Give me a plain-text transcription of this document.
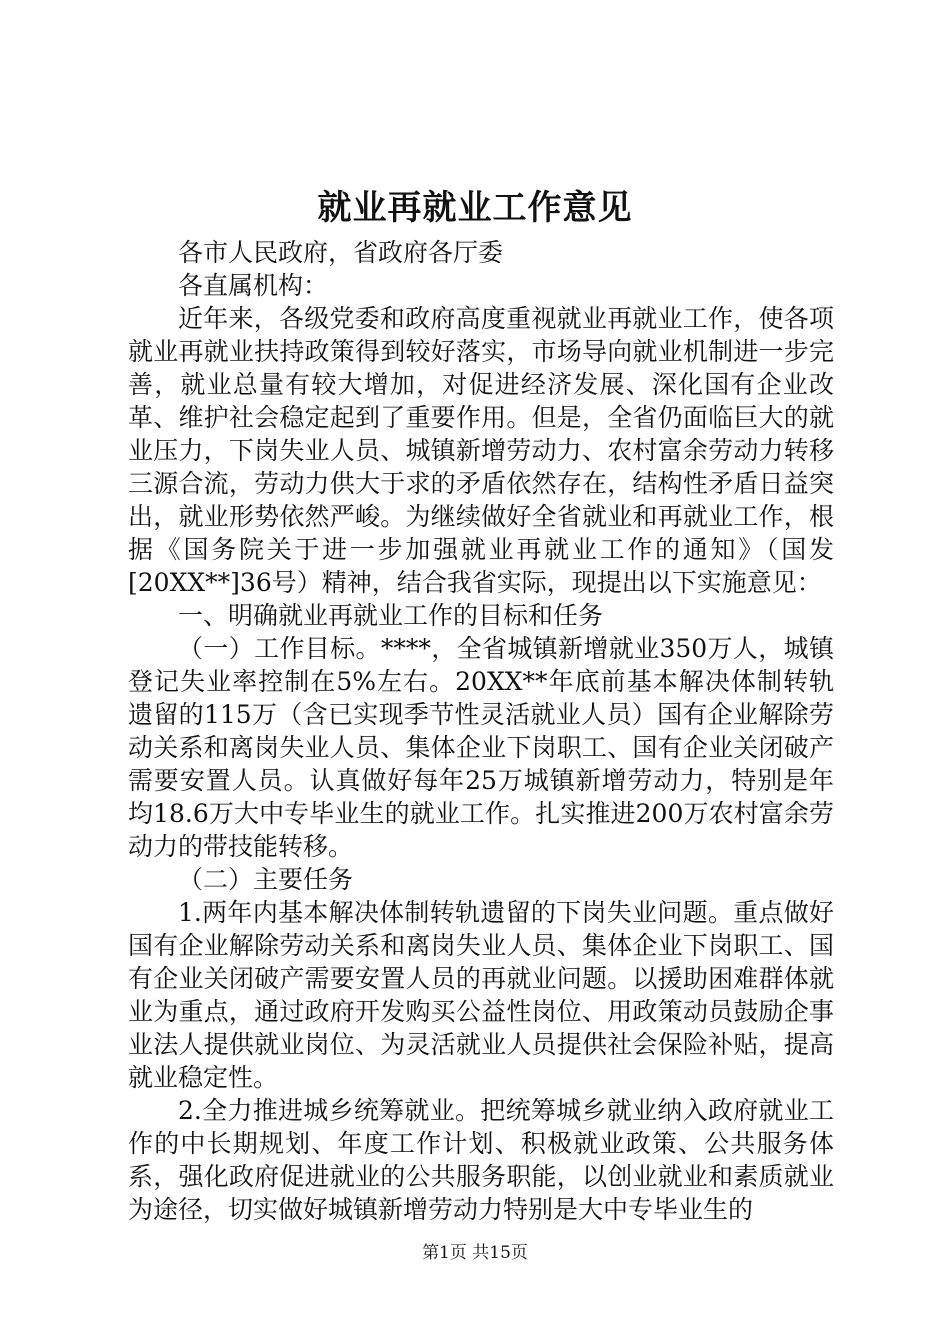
就业再就业工作意见

各市人民政府，省政府各厅委

各直属机构：

近年来，各级党委和政府高度重视就业再就业工作，使各项就业再就业扶持政策得到较好落实，市场导向就业机制进一步完善，就业总量有较大增加，对促进经济发展、深化国有企业改革、维护社会稳定起到了重要作用。但是，全省仍面临巨大的就业压力，下岗失业人员、城镇新增劳动力、农村富余劳动力转移三源合流，劳动力供大于求的矛盾依然存在，结构性矛盾日益突出，就业形势依然严峻。为继续做好全省就业和再就业工作，根据《国务院关于进一步加强就业再就业工作的通知》（国发[20XX**]36号）精神，结合我省实际，现提出以下实施意见：

一、明确就业再就业工作的目标和任务

（一）工作目标。****，全省城镇新增就业350万人，城镇登记失业率控制在5%左右。20XX**年底前基本解决体制转轨遗留的115万（含已实现季节性灵活就业人员）国有企业解除劳动关系和离岗失业人员、集体企业下岗职工、国有企业关闭破产需要安置人员。认真做好每年25万城镇新增劳动力，特别是年均18.6万大中专毕业生的就业工作。扎实推进200万农村富余劳动力的带技能转移。

（二）主要任务

1.两年内基本解决体制转轨遗留的下岗失业问题。重点做好国有企业解除劳动关系和离岗失业人员、集体企业下岗职工、国有企业关闭破产需要安置人员的再就业问题。以援助困难群体就业为重点，通过政府开发购买公益性岗位、用政策动员鼓励企事业法人提供就业岗位、为灵活就业人员提供社会保险补贴，提高就业稳定性。

2.全力推进城乡统筹就业。把统筹城乡就业纳入政府就业工作的中长期规划、年度工作计划、积极就业政策、公共服务体系，强化政府促进就业的公共服务职能，以创业就业和素质就业为途径，切实做好城镇新增劳动力特别是大中专毕业生的

第1页 共15页
